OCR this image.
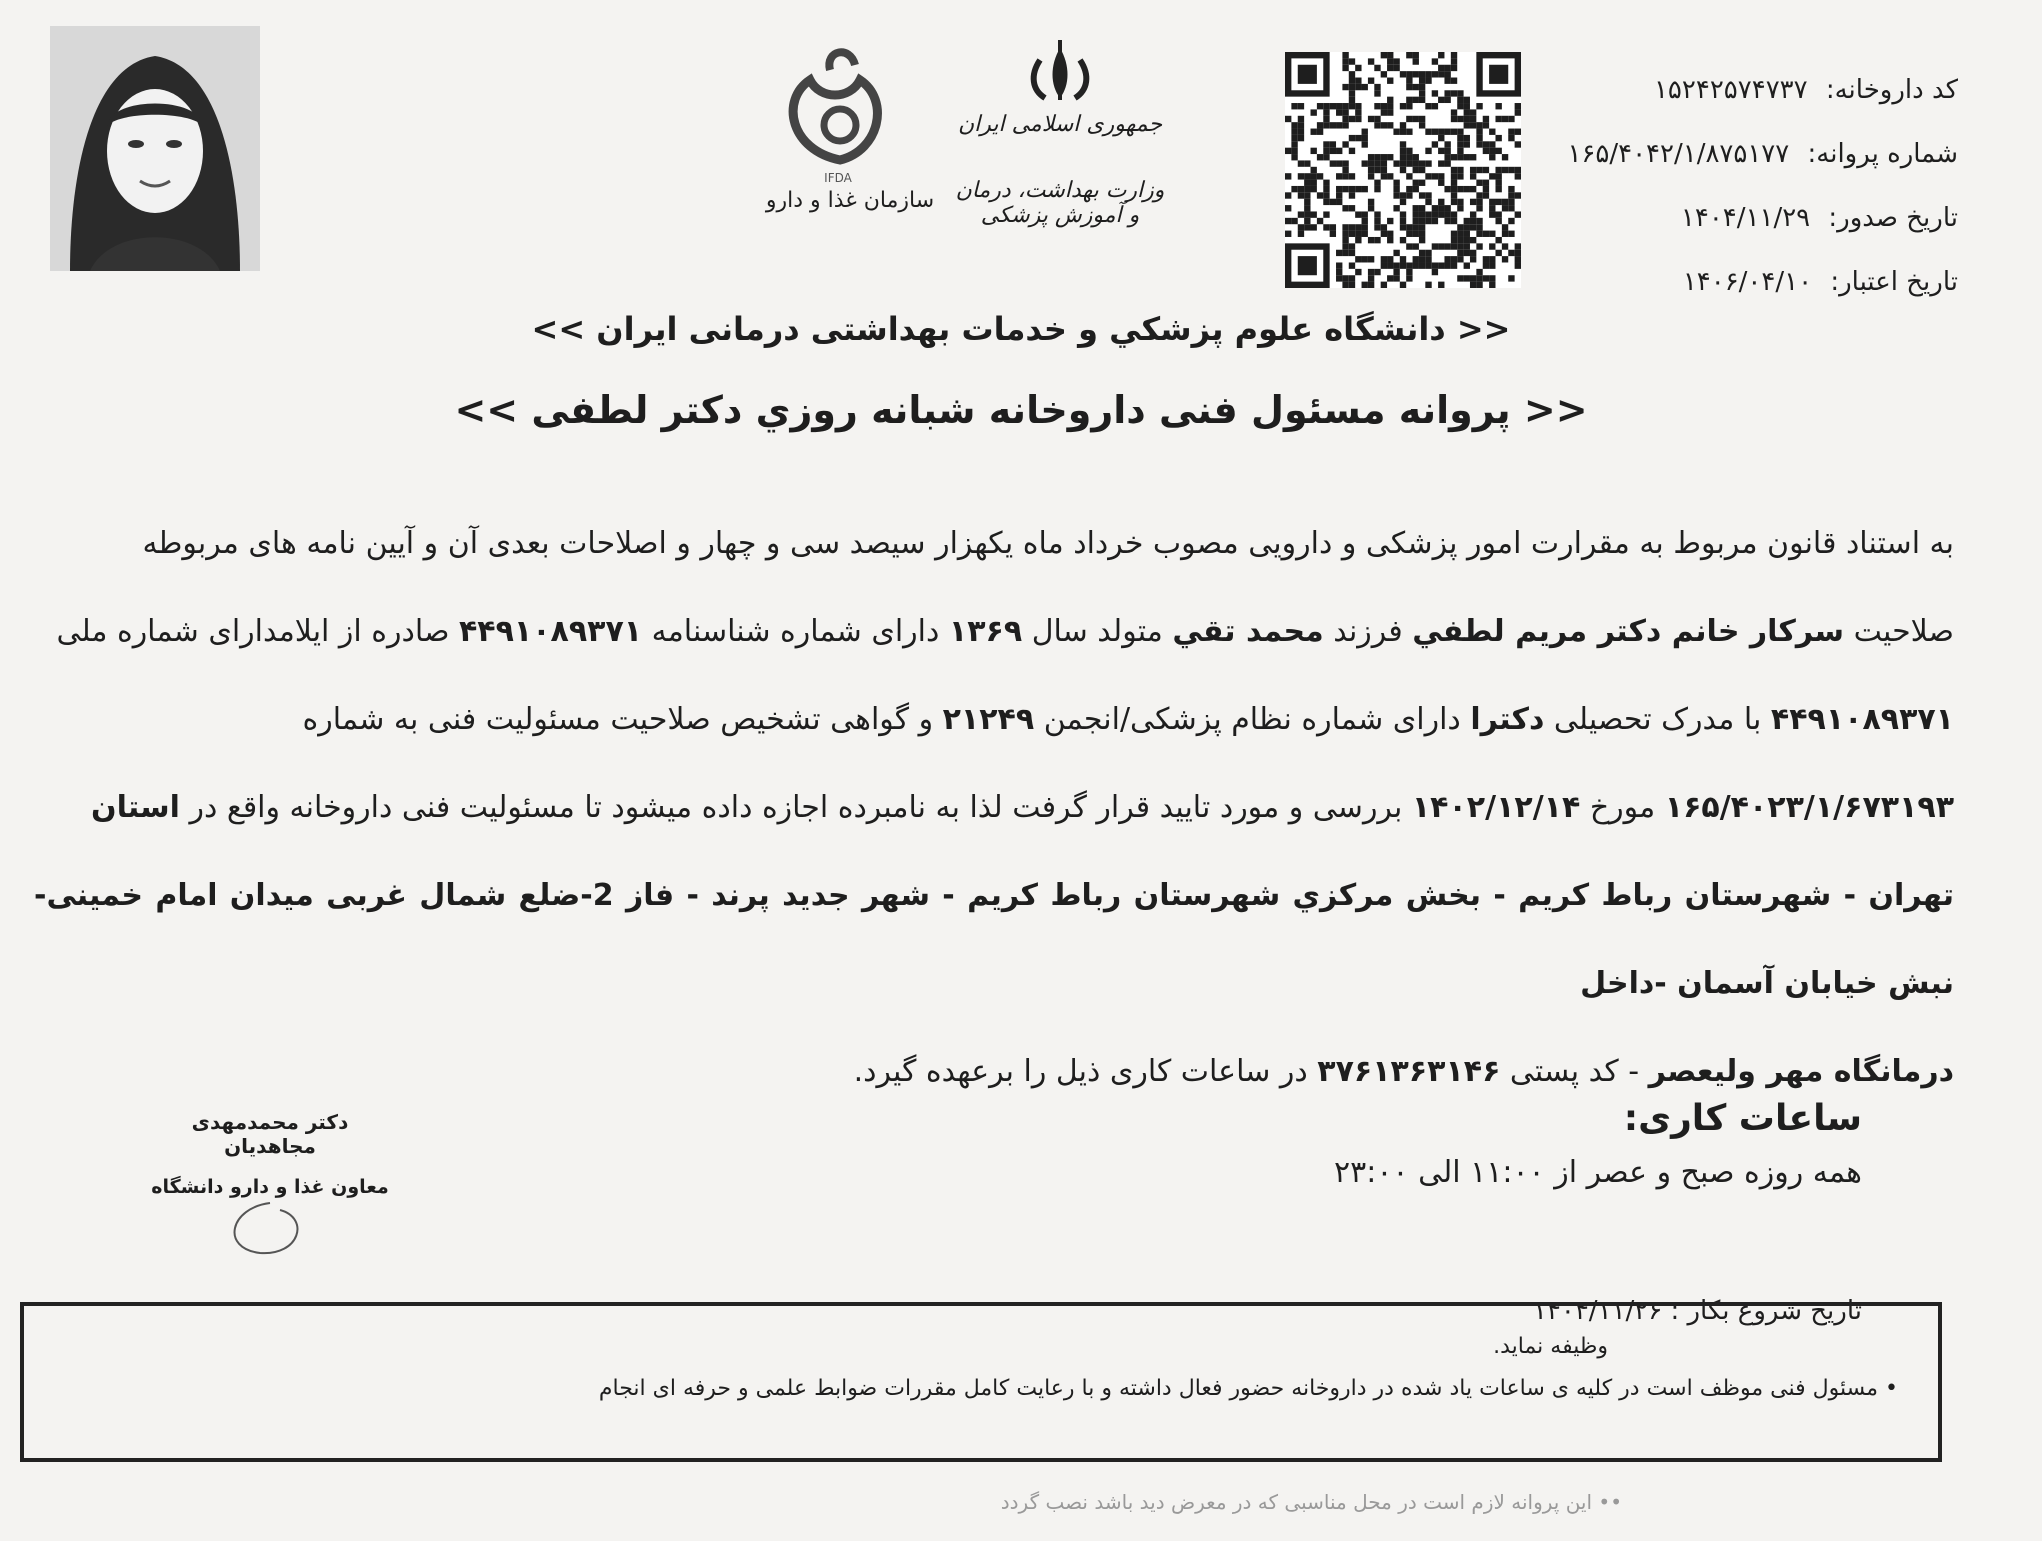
IFDA
سازمان غذا و دارو
جمهوری اسلامی ایران
وزارت بهداشت، درمان و آموزش پزشکی
کد داروخانه: ۱۵۲۴۲۵۷۴۷۳۷
شماره پروانه: ۱۶۵/۴۰۴۲/۱/۸۷۵۱۷۷
تاریخ صدور: ۱۴۰۴/۱۱/۲۹
تاریخ اعتبار: ۱۴۰۶/۰۴/۱۰
<< دانشگاه علوم پزشكي و خدمات بهداشتی درمانی ایران >>
<< پروانه مسئول فنی داروخانه شبانه روزي دکتر لطفی >>
به استناد قانون مربوط به مقرارت امور پزشکی و دارویی مصوب خرداد ماه یکهزار سیصد سی و چهار و اصلاحات بعدی آن و آیین نامه های مربوطه
صلاحیت سرکار خانم دکتر مریم لطفي فرزند محمد تقي متولد سال ۱۳۶۹ دارای شماره شناسنامه ۴۴۹۱۰۸۹۳۷۱ صادره از ایلامدارای شماره ملی
۴۴۹۱۰۸۹۳۷۱ با مدرک تحصیلی دکترا دارای شماره نظام پزشکی/انجمن ۲۱۲۴۹ و گواهی تشخیص صلاحیت مسئولیت فنی به شماره
۱۶۵/۴۰۲۳/۱/۶۷۳۱۹۳ مورخ ۱۴۰۲/۱۲/۱۴ بررسی و مورد تایید قرار گرفت لذا به نامبرده اجازه داده میشود تا مسئولیت فنی داروخانه واقع در استان
تهران - شهرستان رباط کریم - بخش مرکزي شهرستان رباط کریم - شهر جدید پرند - فاز 2-ضلع شمال غربی میدان امام خمینی- نبش خیابان آسمان -داخل
درمانگاه مهر ولیعصر - کد پستی ۳۷۶۱۳۶۳۱۴۶ در ساعات کاری ذیل را برعهده گیرد.
ساعات کاری:
همه روزه صبح و عصر از ۱۱:۰۰ الی ۲۳:۰۰
دکتر محمدمهدی مجاهدیان
معاون غذا و دارو دانشگاه
تاریخ شروع بکار : ۱۴۰۴/۱۱/۲۶
وظیفه نماید.
• مسئول فنی موظف است در کلیه ی ساعات یاد شده در داروخانه حضور فعال داشته و با رعایت کامل مقررات ضوابط علمی و حرفه ای انجام
•• این پروانه لازم است در محل مناسبی که در معرض دید باشد نصب گردد
